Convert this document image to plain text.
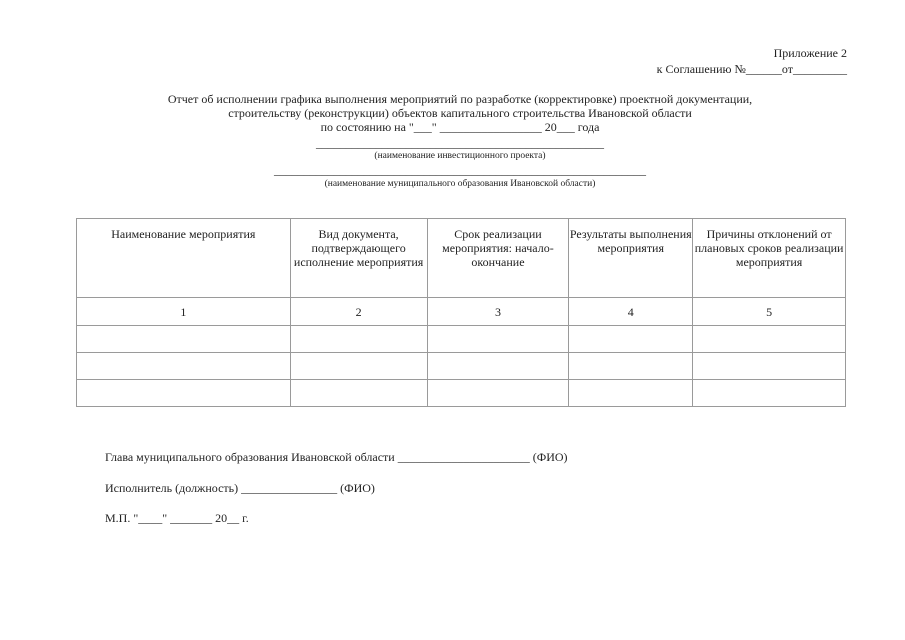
Приложение 2
к Соглашению №______от_________
Отчет об исполнении графика выполнения мероприятий по разработке (корректировке) проектной документации,
строительству (реконструкции) объектов капитального строительства Ивановской области
по состоянию на "___" _________________ 20___ года
________________________________________________
(наименование инвестиционного проекта)
______________________________________________________________
(наименование муниципального образования Ивановской области)
Наименование мероприятия	Вид документа, подтверждающего исполнение мероприятия	Срок реализации мероприятия: начало-окончание	Результаты выполнения мероприятия	Причины отклонений от плановых сроков реализации мероприятия
1	2	3	4	5

Глава муниципального образования Ивановской области ______________________ (ФИО)
Исполнитель (должность) ________________ (ФИО)
М.П. "____" _______ 20__ г.
